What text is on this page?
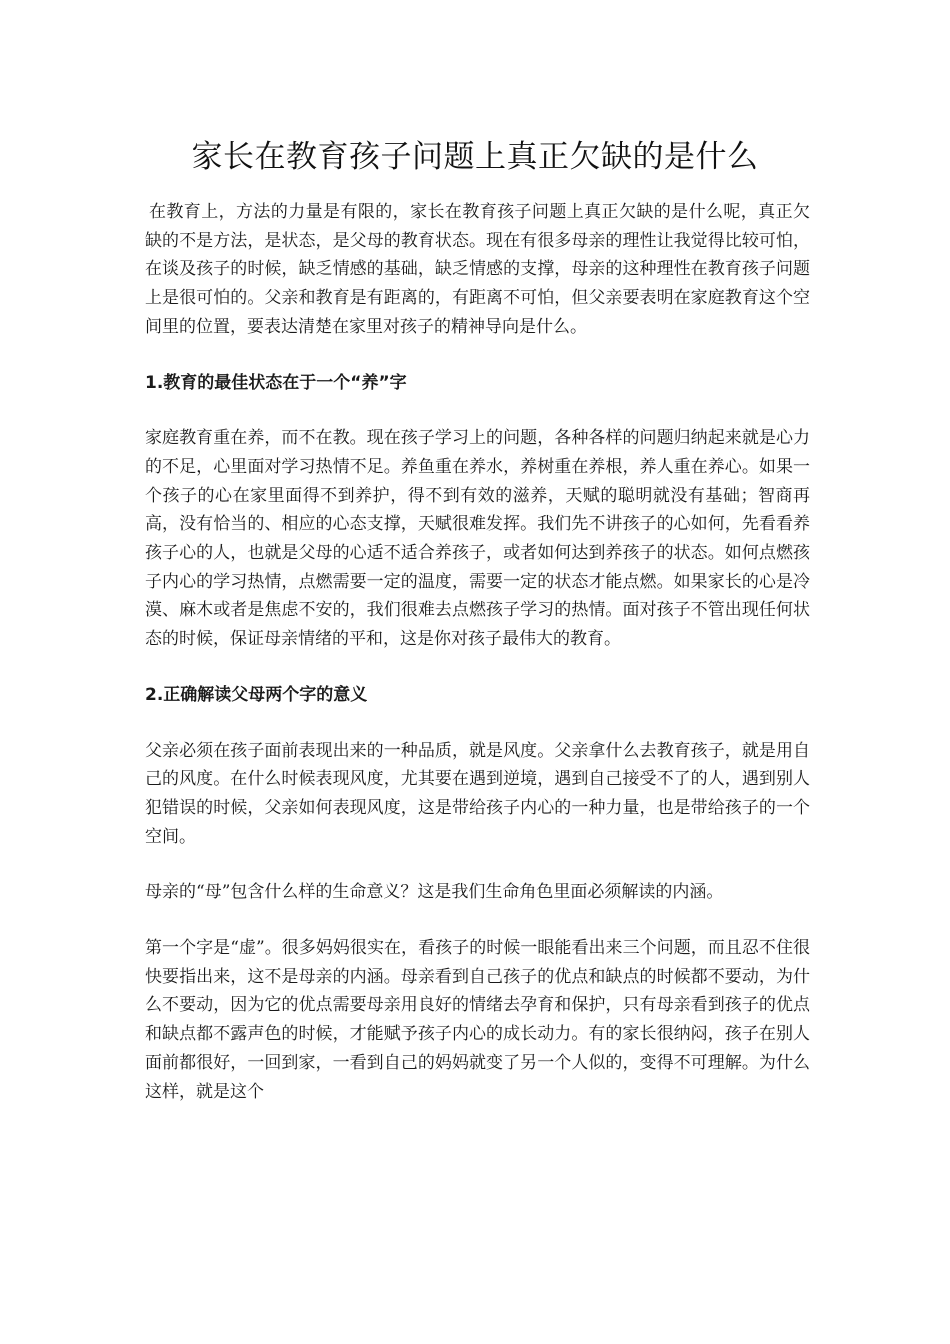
家长在教育孩子问题上真正欠缺的是什么

在教育上，方法的力量是有限的，家长在教育孩子问题上真正欠缺的是什么呢，真正欠缺的不是方法，是状态，是父母的教育状态。现在有很多母亲的理性让我觉得比较可怕，在谈及孩子的时候，缺乏情感的基础，缺乏情感的支撑，母亲的这种理性在教育孩子问题上是很可怕的。父亲和教育是有距离的，有距离不可怕，但父亲要表明在家庭教育这个空间里的位置，要表达清楚在家里对孩子的精神导向是什么。

1.教育的最佳状态在于一个“养”字

家庭教育重在养，而不在教。现在孩子学习上的问题，各种各样的问题归纳起来就是心力的不足，心里面对学习热情不足。养鱼重在养水，养树重在养根，养人重在养心。如果一个孩子的心在家里面得不到养护，得不到有效的滋养，天赋的聪明就没有基础；智商再高，没有恰当的、相应的心态支撑，天赋很难发挥。我们先不讲孩子的心如何，先看看养孩子心的人，也就是父母的心适不适合养孩子，或者如何达到养孩子的状态。如何点燃孩子内心的学习热情，点燃需要一定的温度，需要一定的状态才能点燃。如果家长的心是冷漠、麻木或者是焦虑不安的，我们很难去点燃孩子学习的热情。面对孩子不管出现任何状态的时候，保证母亲情绪的平和，这是你对孩子最伟大的教育。

2.正确解读父母两个字的意义

父亲必须在孩子面前表现出来的一种品质，就是风度。父亲拿什么去教育孩子，就是用自己的风度。在什么时候表现风度，尤其要在遇到逆境，遇到自己接受不了的人，遇到别人犯错误的时候，父亲如何表现风度，这是带给孩子内心的一种力量，也是带给孩子的一个空间。

母亲的“母”包含什么样的生命意义？这是我们生命角色里面必须解读的内涵。

第一个字是“虚”。很多妈妈很实在，看孩子的时候一眼能看出来三个问题，而且忍不住很快要指出来，这不是母亲的内涵。母亲看到自己孩子的优点和缺点的时候都不要动，为什么不要动，因为它的优点需要母亲用良好的情绪去孕育和保护，只有母亲看到孩子的优点和缺点都不露声色的时候，才能赋予孩子内心的成长动力。有的家长很纳闷，孩子在别人面前都很好，一回到家，一看到自己的妈妈就变了另一个人似的，变得不可理解。为什么这样，就是这个
